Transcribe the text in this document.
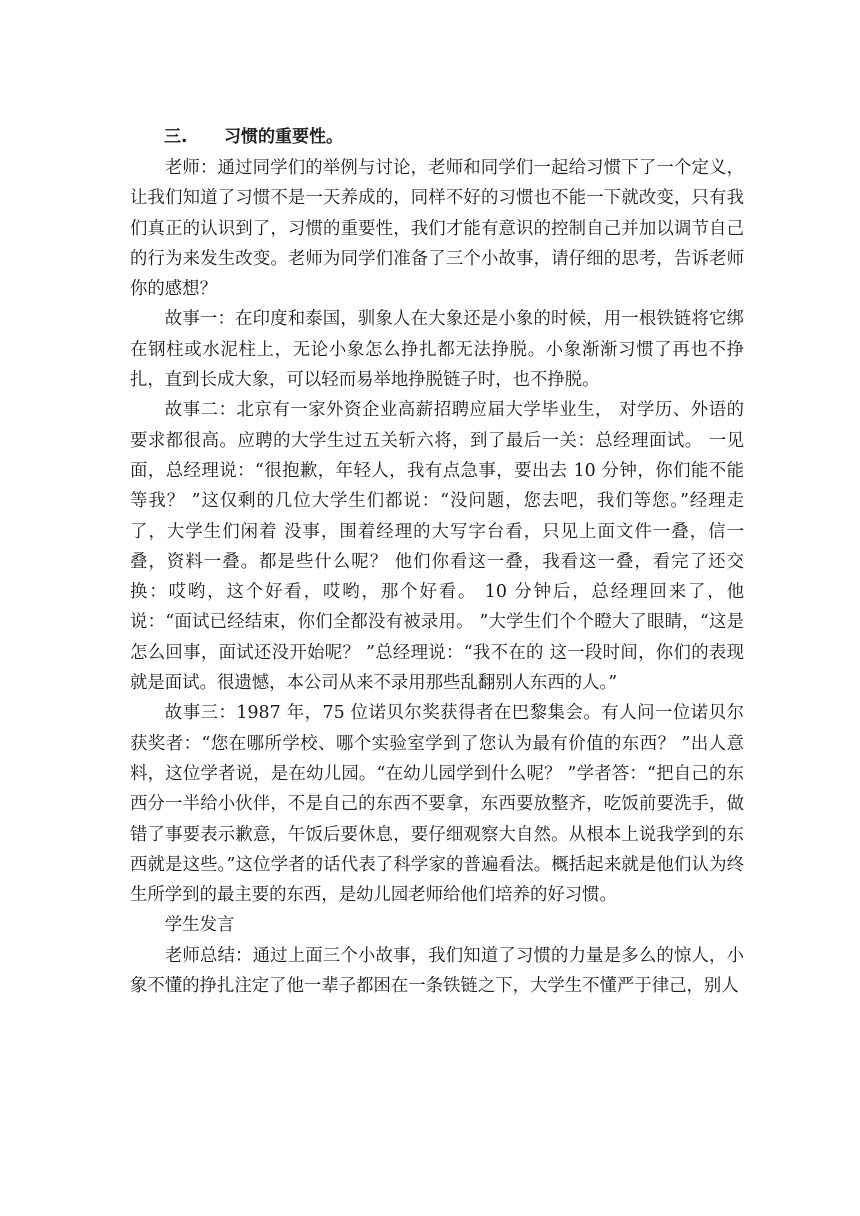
三. 习惯的重要性。

老师：通过同学们的举例与讨论，老师和同学们一起给习惯下了一个定义，让我们知道了习惯不是一天养成的，同样不好的习惯也不能一下就改变，只有我们真正的认识到了，习惯的重要性，我们才能有意识的控制自己并加以调节自己的行为来发生改变。老师为同学们准备了三个小故事，请仔细的思考，告诉老师你的感想？

故事一：在印度和泰国，驯象人在大象还是小象的时候，用一根铁链将它绑在钢柱或水泥柱上，无论小象怎么挣扎都无法挣脱。小象渐渐习惯了再也不挣扎，直到长成大象，可以轻而易举地挣脱链子时，也不挣脱。

故事二：北京有一家外资企业高薪招聘应届大学毕业生， 对学历、外语的要求都很高。应聘的大学生过五关斩六将，到了最后一关：总经理面试。 一见面，总经理说：“很抱歉，年轻人，我有点急事，要出去 10 分钟，你们能不能等我？ ”这仅剩的几位大学生们都说：“没问题，您去吧，我们等您。”经理走了，大学生们闲着 没事，围着经理的大写字台看，只见上面文件一叠，信一叠，资料一叠。都是些什么呢？ 他们你看这一叠，我看这一叠，看完了还交换：哎哟，这个好看，哎哟，那个好看。 10 分钟后，总经理回来了，他说：“面试已经结束，你们全都没有被录用。 ”大学生们个个瞪大了眼睛，“这是怎么回事，面试还没开始呢？ ”总经理说：“我不在的 这一段时间，你们的表现就是面试。很遗憾，本公司从来不录用那些乱翻别人东西的人。”

故事三：1987 年，75 位诺贝尔奖获得者在巴黎集会。有人问一位诺贝尔获奖者：“您在哪所学校、哪个实验室学到了您认为最有价值的东西？ ”出人意料，这位学者说，是在幼儿园。“在幼儿园学到什么呢？ ”学者答：“把自己的东西分一半给小伙伴，不是自己的东西不要拿，东西要放整齐，吃饭前要洗手，做错了事要表示歉意，午饭后要休息，要仔细观察大自然。从根本上说我学到的东西就是这些。”这位学者的话代表了科学家的普遍看法。概括起来就是他们认为终生所学到的最主要的东西，是幼儿园老师给他们培养的好习惯。

学生发言

老师总结：通过上面三个小故事，我们知道了习惯的力量是多么的惊人，小象不懂的挣扎注定了他一辈子都困在一条铁链之下，大学生不懂严于律己，别人
